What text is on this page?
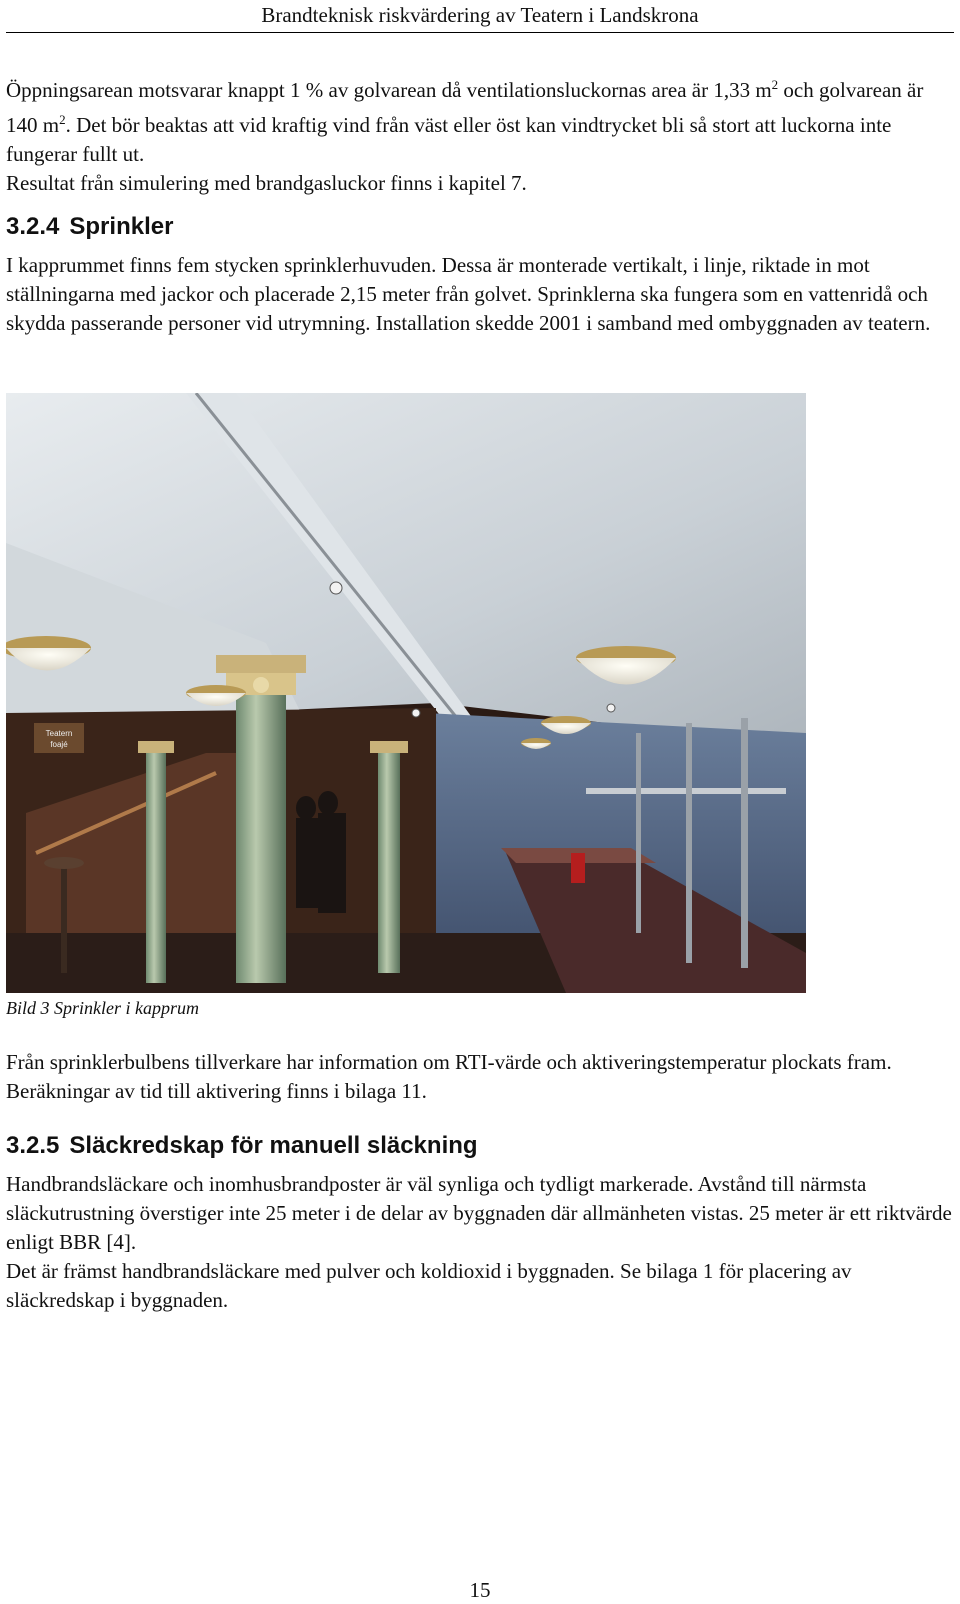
Brandteknisk riskvärdering av Teatern i Landskrona

Öppningsarean motsvarar knappt 1 % av golvarean då ventilationsluckornas area är 1,33 $m^2$ och golvarean är 140 $m^2$. Det bör beaktas att vid kraftig vind från väst eller öst kan vindtrycket bli så stort att luckorna inte fungerar fullt ut.

Resultat från simulering med brandgasluckor finns i kapitel 7.

3.2.4 Sprinkler

I kapprummet finns fem stycken sprinklerhuvuden. Dessa är monterade vertikalt, i linje, riktade in mot ställningarna med jackor och placerade 2,15 meter från golvet. Sprinklerna ska fungera som en vattenridå och skydda passerande personer vid utrymning. Installation skedde 2001 i samband med ombyggnaden av teatern.

Teatern
foajé
Bild 3 Sprinkler i kapprum

Från sprinklerbulbens tillverkare har information om RTI-värde och aktiveringstemperatur plockats fram. Beräkningar av tid till aktivering finns i bilaga 11.

3.2.5 Släckredskap för manuell släckning

Handbrandsläckare och inomhusbrandposter är väl synliga och tydligt markerade. Avstånd till närmsta släckutrustning överstiger inte 25 meter i de delar av byggnaden där allmänheten vistas. 25 meter är ett riktvärde enligt BBR [4].

Det är främst handbrandsläckare med pulver och koldioxid i byggnaden. Se bilaga 1 för placering av släckredskap i byggnaden.

15
